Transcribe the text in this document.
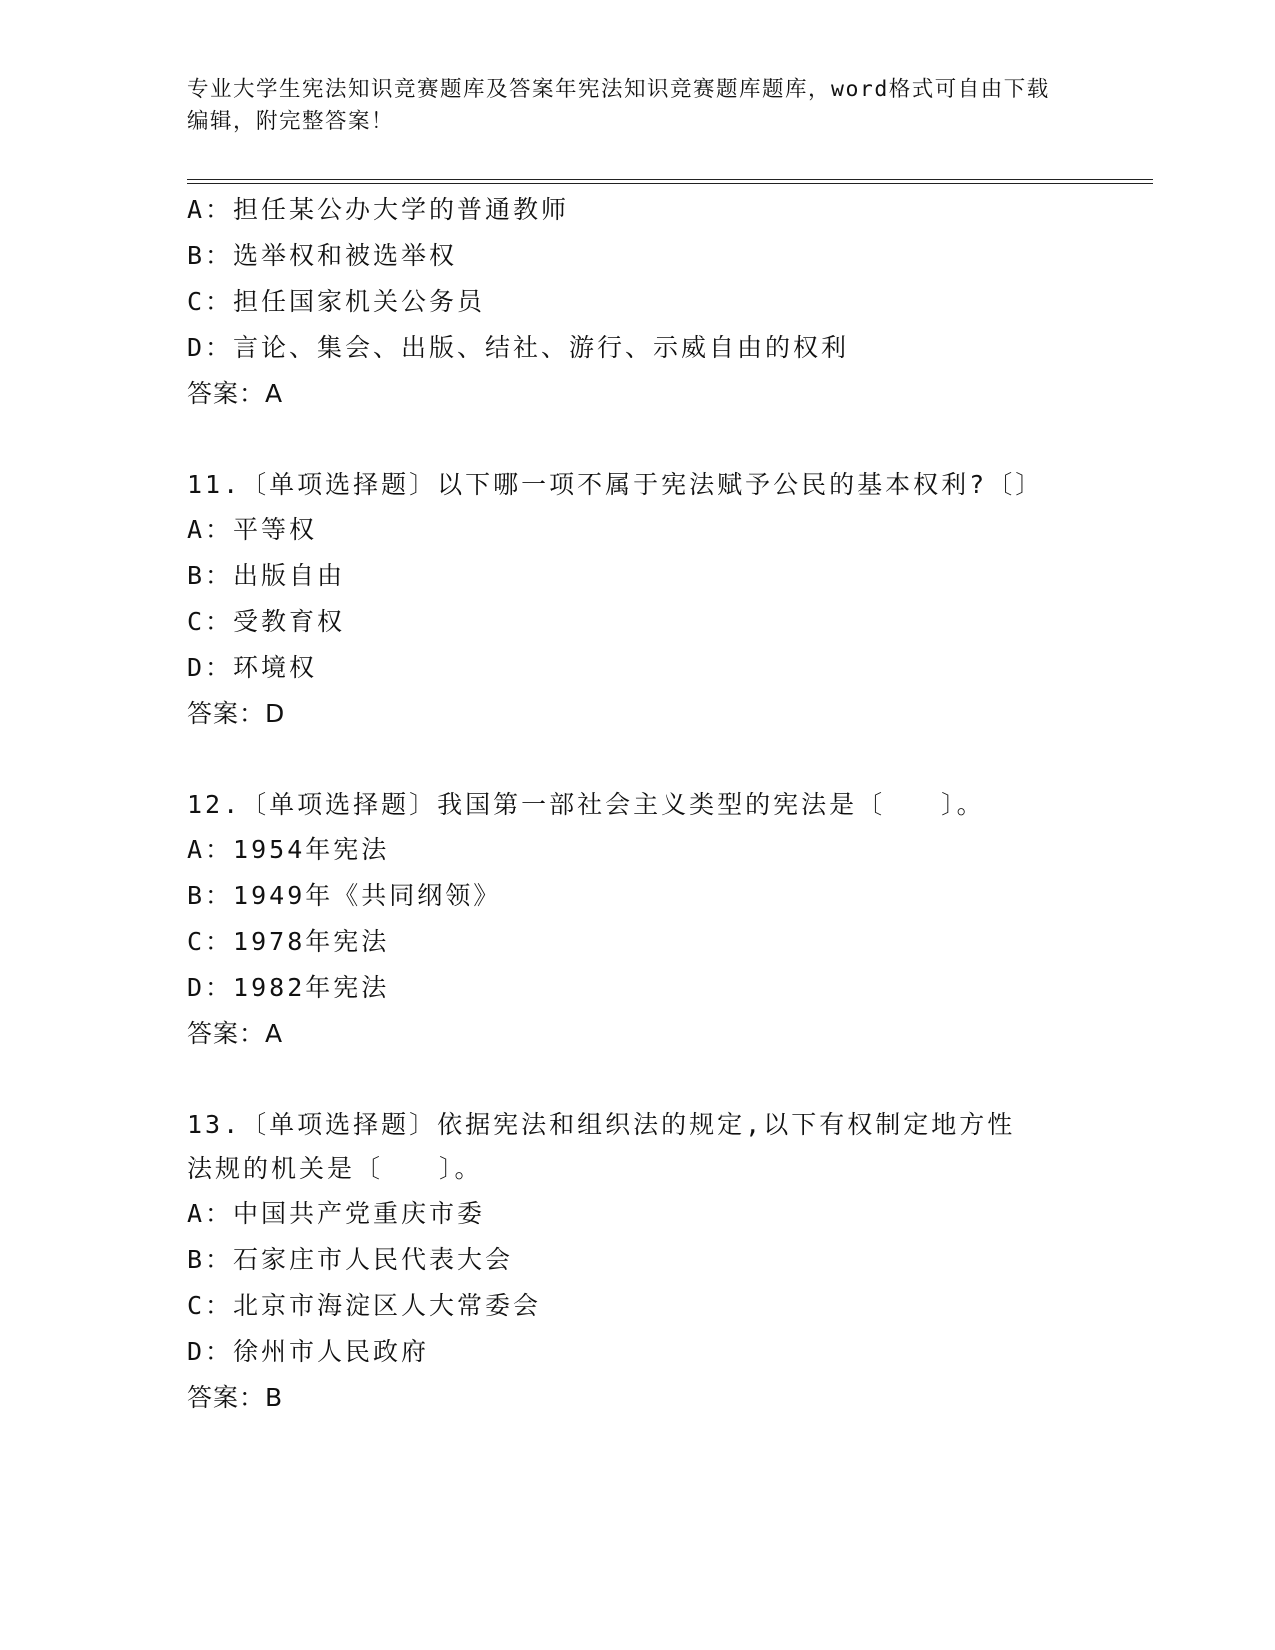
专业大学生宪法知识竞赛题库及答案年宪法知识竞赛题库题库，word格式可自由下载编辑，附完整答案！

A：担任某公办大学的普通教师
B：选举权和被选举权
C：担任国家机关公务员
D：言论、集会、出版、结社、游行、示威自由的权利
答案：A
11.〔单项选择题〕以下哪一项不属于宪法赋予公民的基本权利?〔〕
A：平等权
B：出版自由
C：受教育权
D：环境权
答案：D
12.〔单项选择题〕我国第一部社会主义类型的宪法是〔　　〕。
A：1954年宪法
B：1949年《共同纲领》
C：1978年宪法
D：1982年宪法
答案：A
13.〔单项选择题〕依据宪法和组织法的规定,以下有权制定地方性法规的机关是〔　　〕。
A：中国共产党重庆市委
B：石家庄市人民代表大会
C：北京市海淀区人大常委会
D：徐州市人民政府
答案：B
